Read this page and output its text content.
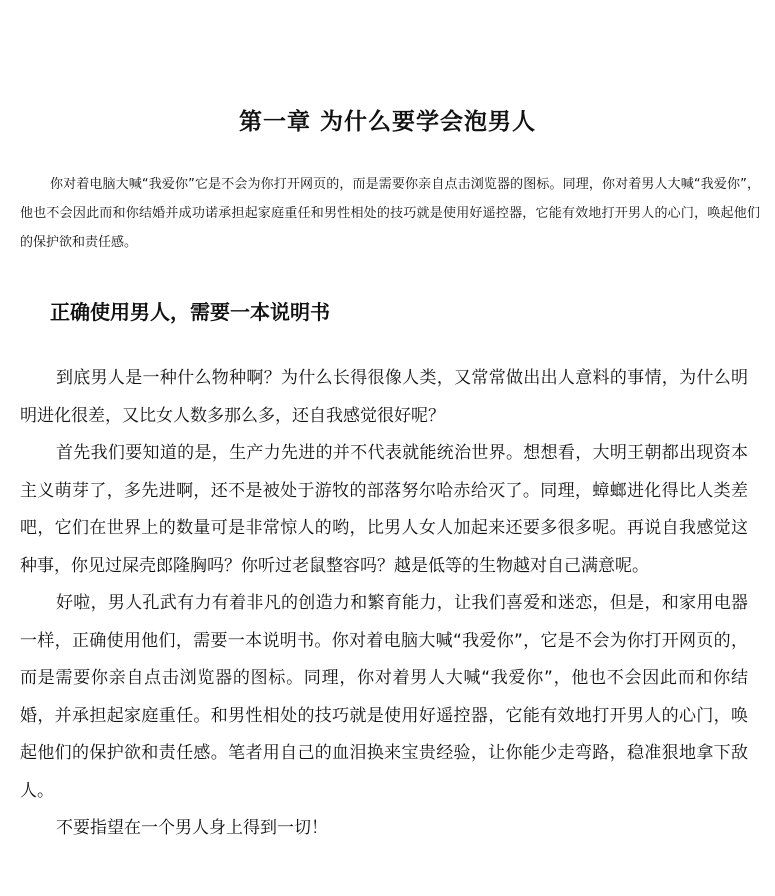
第一章 为什么要学会泡男人

你对着电脑大喊“我爱你”它是不会为你打开网页的，而是需要你亲自点击浏览器的图标。同理，你对着男人大喊“我爱你”，他也不会因此而和你结婚并成功诺承担起家庭重任和男性相处的技巧就是使用好遥控器，它能有效地打开男人的心门，唤起他们的保护欲和责任感。

正确使用男人，需要一本说明书

到底男人是一种什么物种啊？为什么长得很像人类，又常常做出出人意料的事情，为什么明明进化很差，又比女人数多那么多，还自我感觉很好呢？

首先我们要知道的是，生产力先进的并不代表就能统治世界。想想看，大明王朝都出现资本主义萌芽了，多先进啊，还不是被处于游牧的部落努尔哈赤给灭了。同理，蟑螂进化得比人类差吧，它们在世界上的数量可是非常惊人的哟，比男人女人加起来还要多很多呢。再说自我感觉这种事，你见过屎壳郎隆胸吗？你听过老鼠整容吗？越是低等的生物越对自己满意呢。

好啦，男人孔武有力有着非凡的创造力和繁育能力，让我们喜爱和迷恋，但是，和家用电器一样，正确使用他们，需要一本说明书。你对着电脑大喊“我爱你”，它是不会为你打开网页的，而是需要你亲自点击浏览器的图标。同理，你对着男人大喊“我爱你”，他也不会因此而和你结婚，并承担起家庭重任。和男性相处的技巧就是使用好遥控器，它能有效地打开男人的心门，唤起他们的保护欲和责任感。笔者用自己的血泪换来宝贵经验，让你能少走弯路，稳准狠地拿下敌人。

不要指望在一个男人身上得到一切！
